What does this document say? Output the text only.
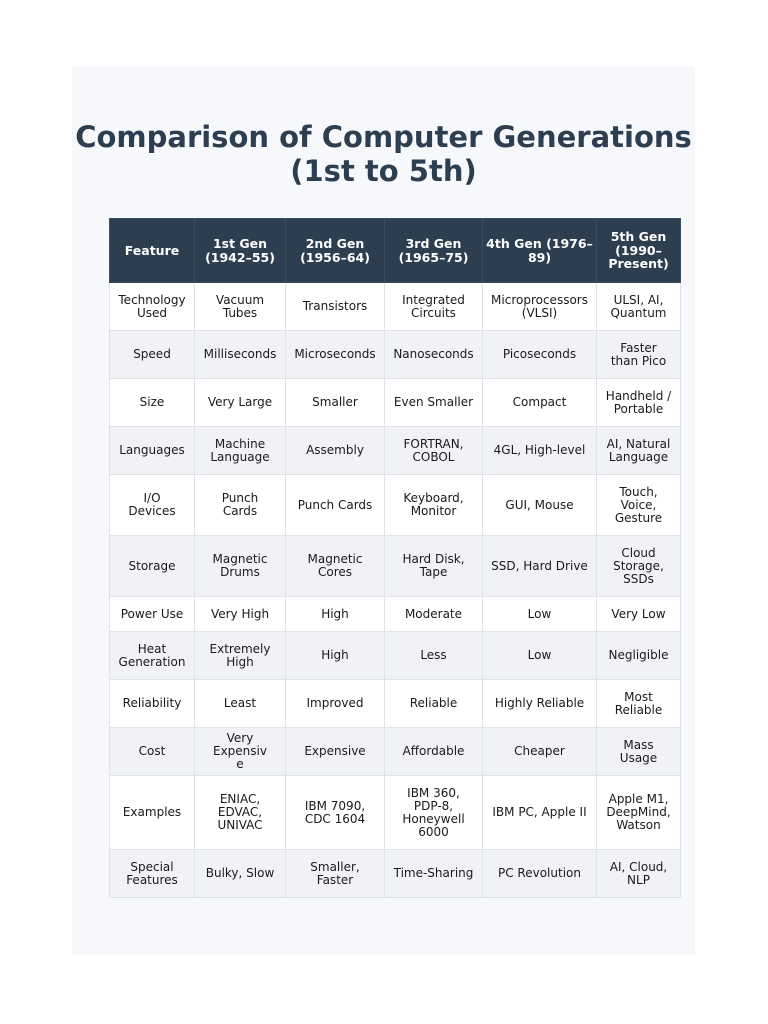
Comparison of Computer Generations (1st to 5th)
Feature	1st Gen (1942–55)	2nd Gen (1956–64)	3rd Gen (1965–75)	4th Gen (1976–89)	5th Gen (1990–Present)
Technology Used	Vacuum Tubes	Transistors	Integrated Circuits	Microprocessors (VLSI)	ULSI, AI, Quantum
Speed	Milliseconds	Microseconds	Nanoseconds	Picoseconds	Faster than Pico
Size	Very Large	Smaller	Even Smaller	Compact	Handheld / Portable
Languages	Machine Language	Assembly	FORTRAN, COBOL	4GL, High-level	AI, Natural Language
I/O Devices	Punch Cards	Punch Cards	Keyboard, Monitor	GUI, Mouse	Touch, Voice, Gesture
Storage	Magnetic Drums	Magnetic Cores	Hard Disk, Tape	SSD, Hard Drive	Cloud Storage, SSDs
Power Use	Very High	High	Moderate	Low	Very Low
Heat Generation	Extremely High	High	Less	Low	Negligible
Reliability	Least	Improved	Reliable	Highly Reliable	Most Reliable
Cost	Very Expensive	Expensive	Affordable	Cheaper	Mass Usage
Examples	ENIAC, EDVAC, UNIVAC	IBM 7090, CDC 1604	IBM 360, PDP-8, Honeywell 6000	IBM PC, Apple II	Apple M1, DeepMind, Watson
Special Features	Bulky, Slow	Smaller, Faster	Time-Sharing	PC Revolution	AI, Cloud, NLP
